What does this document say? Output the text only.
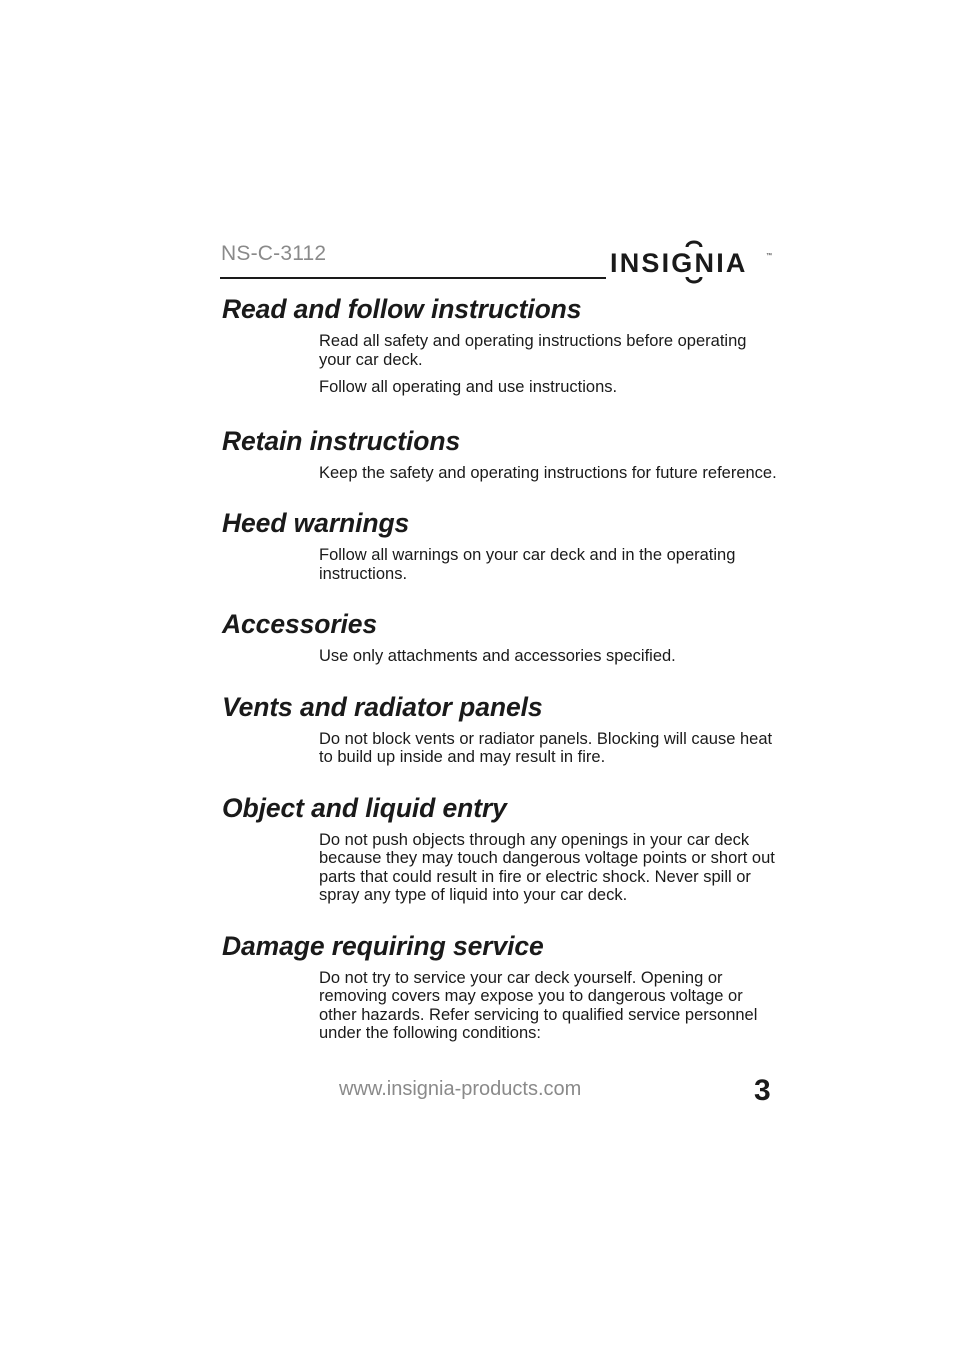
NS-C-3112	INSIGNIA	™
Read and follow instructions

Read all safety and operating instructions before operating your car deck.

Follow all operating and use instructions.

Retain instructions

Keep the safety and operating instructions for future reference.

Heed warnings

Follow all warnings on your car deck and in the operating instructions.

Accessories

Use only attachments and accessories specified.

Vents and radiator panels

Do not block vents or radiator panels. Blocking will cause heat to build up inside and may result in fire.

Object and liquid entry

Do not push objects through any openings in your car deck because they may touch dangerous voltage points or short out parts that could result in fire or electric shock. Never spill or spray any type of liquid into your car deck.

Damage requiring service

Do not try to service your car deck yourself. Opening or removing covers may expose you to dangerous voltage or other hazards. Refer servicing to qualified service personnel under the following conditions:

www.insignia-products.com	3
